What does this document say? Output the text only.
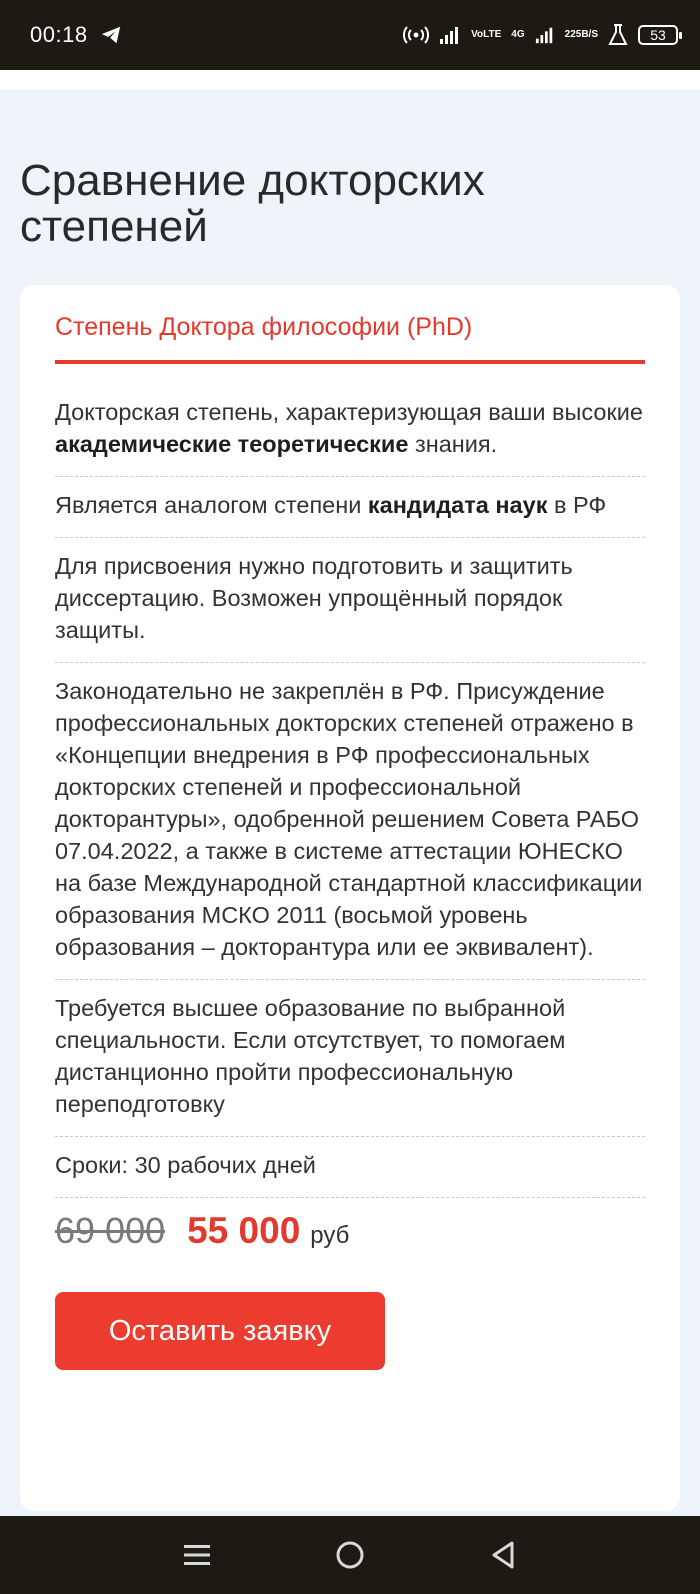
00:18	Vo LTE 4G	225 B/S	53
Сравнение докторских степеней
Степень Доктора философии (PhD)
Докторская степень, характеризующая ваши высокие академические теоретические знания.
Является аналогом степени кандидата наук в РФ
Для присвоения нужно подготовить и защитить диссертацию. Возможен упрощённый порядок защиты.
Законодательно не закреплён в РФ. Присуждение профессиональных докторских степеней отражено в «Концепции внедрения в РФ профессиональных докторских степеней и профессиональной докторантуры», одобренной решением Совета РАБО 07.04.2022, а также в системе аттестации ЮНЕСКО на базе Международной стандартной классификации образования МСКО 2011 (восьмой уровень образования – докторантура или ее эквивалент).
Требуется высшее образование по выбранной специальности. Если отсутствует, то помогаем дистанционно пройти профессиональную переподготовку
Сроки: 30 рабочих дней
69 000 55 000 руб
Оставить заявку
